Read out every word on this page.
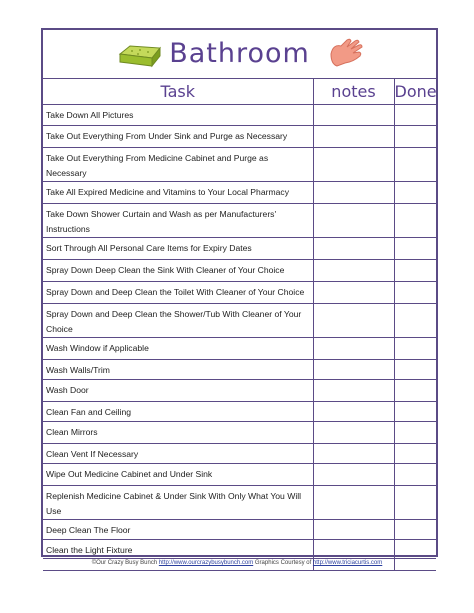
Bathroom
Task	notes	Done
Take Down All Pictures		
Take Out Everything From Under Sink and Purge as Necessary		
Take Out Everything From Medicine Cabinet and Purge as Necessary		
Take All Expired Medicine and Vitamins to Your Local Pharmacy		
Take Down Shower Curtain and Wash as per Manufacturers' Instructions		
Sort Through All Personal Care Items for Expiry Dates		
Spray Down Deep Clean the Sink With Cleaner of Your Choice		
Spray Down and Deep Clean the Toilet With Cleaner of Your Choice		
Spray Down and Deep Clean the Shower/Tub With Cleaner of Your Choice		
Wash Window if Applicable		
Wash Walls/Trim		
Wash Door		
Clean Fan and Ceiling		
Clean Mirrors		
Clean Vent If Necessary		
Wipe Out Medicine Cabinet and Under Sink		
Replenish Medicine Cabinet & Under Sink With Only What You Will Use		
Deep Clean The Floor		
Clean the Light Fixture		

©Our Crazy Busy Bunch http://www.ourcrazybusybunch.com Graphics Courtesy of http://www.triciacurtis.com
